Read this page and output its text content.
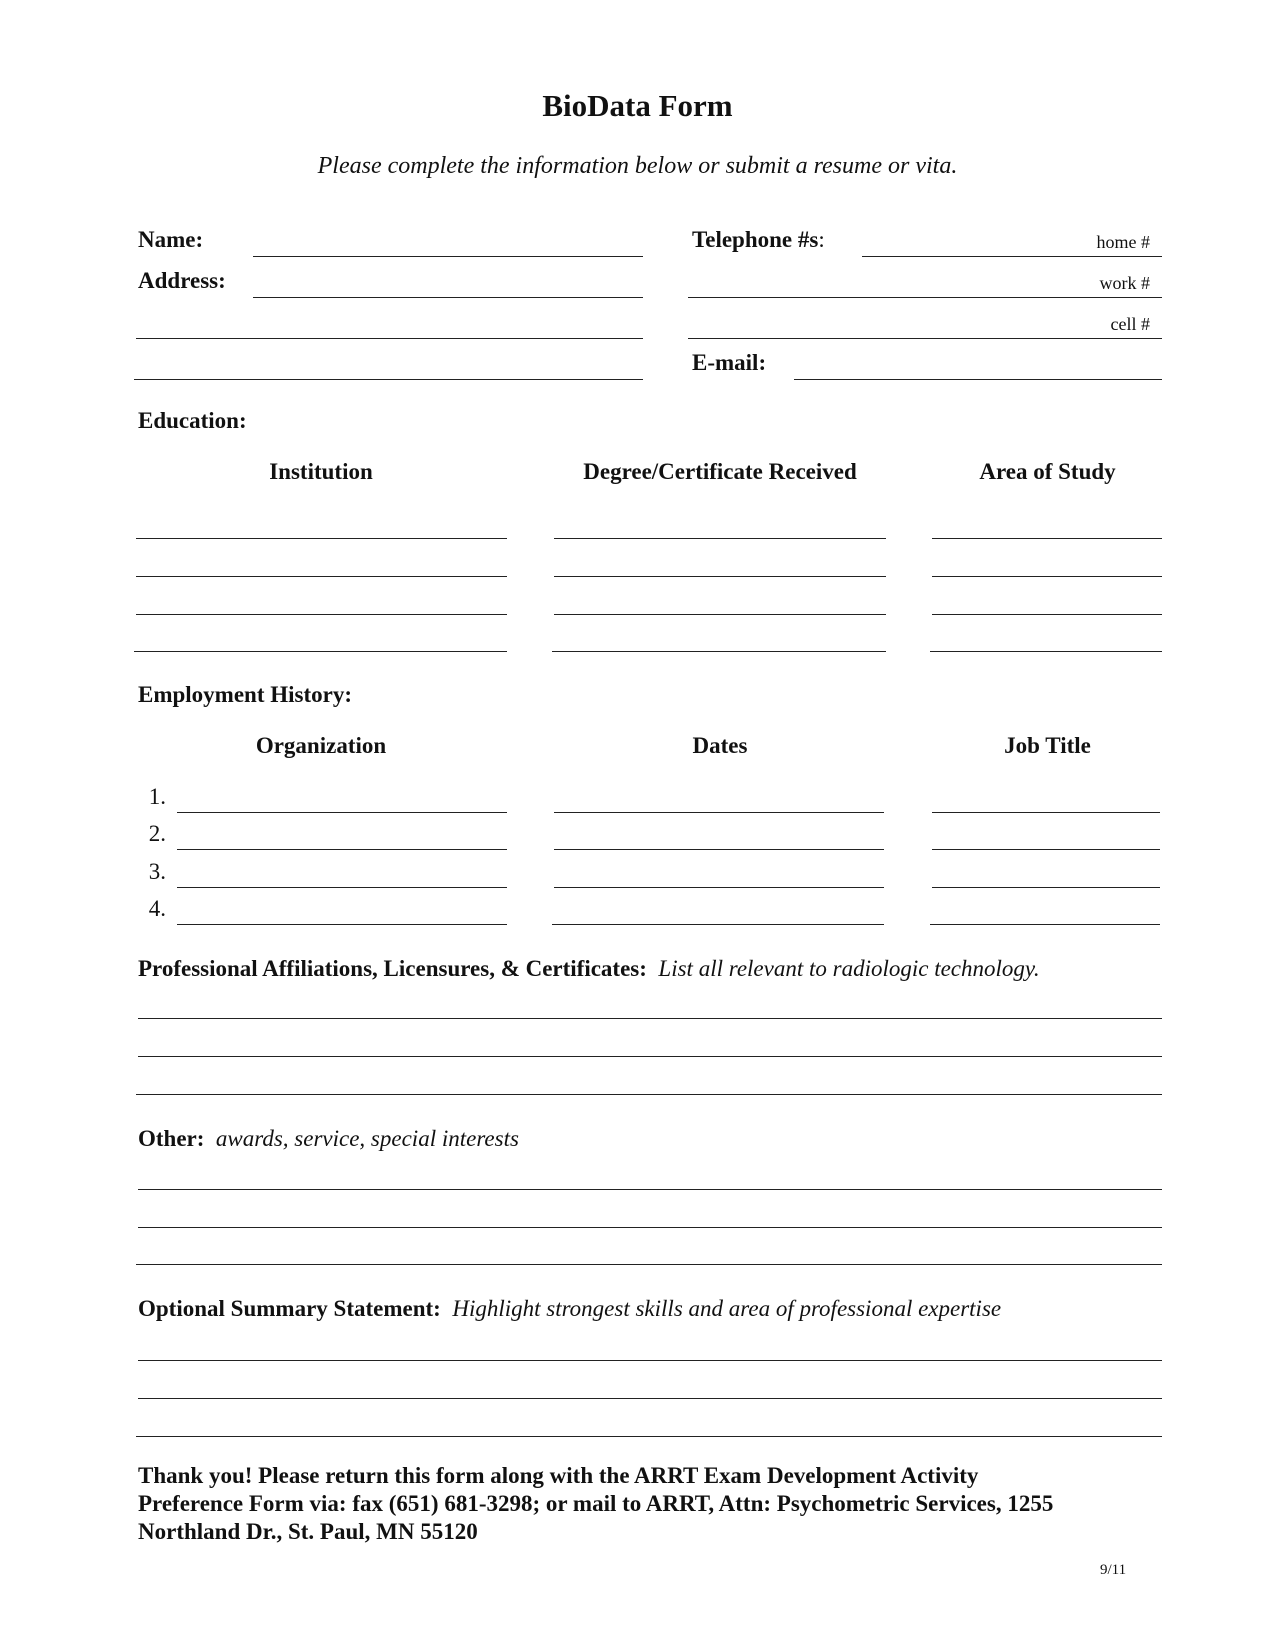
BioData Form
Please complete the information below or submit a resume or vita.
Name:
Address:
Telephone #s:	home #
work #
cell #
E-mail:
Education:
Institution	Degree/Certificate Received	Area of Study
Employment History:
Organization	Dates	Job Title
1.
2.
3.
4.
Professional Affiliations, Licensures, & Certificates: List all relevant to radiologic technology.
Other: awards, service, special interests
Optional Summary Statement: Highlight strongest skills and area of professional expertise
Thank you! Please return this form along with the ARRT Exam Development Activity
Preference Form via: fax (651) 681-3298; or mail to ARRT, Attn: Psychometric Services, 1255
Northland Dr., St. Paul, MN 55120
9/11
